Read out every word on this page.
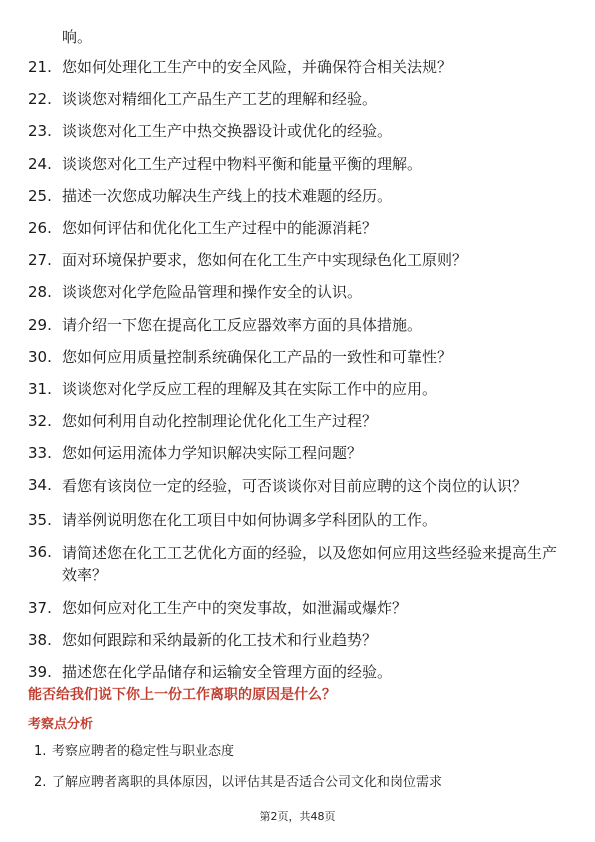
响。
21. 您如何处理化工生产中的安全风险，并确保符合相关法规？
22. 谈谈您对精细化工产品生产工艺的理解和经验。
23. 谈谈您对化工生产中热交换器设计或优化的经验。
24. 谈谈您对化工生产过程中物料平衡和能量平衡的理解。
25. 描述一次您成功解决生产线上的技术难题的经历。
26. 您如何评估和优化化工生产过程中的能源消耗？
27. 面对环境保护要求，您如何在化工生产中实现绿色化工原则？
28. 谈谈您对化学危险品管理和操作安全的认识。
29. 请介绍一下您在提高化工反应器效率方面的具体措施。
30. 您如何应用质量控制系统确保化工产品的一致性和可靠性？
31. 谈谈您对化学反应工程的理解及其在实际工作中的应用。
32. 您如何利用自动化控制理论优化化工生产过程？
33. 您如何运用流体力学知识解决实际工程问题？
34. 看您有该岗位一定的经验，可否谈谈你对目前应聘的这个岗位的认识？
35. 请举例说明您在化工项目中如何协调多学科团队的工作。
36. 请简述您在化工工艺优化方面的经验，以及您如何应用这些经验来提高生产效率？
37. 您如何应对化工生产中的突发事故，如泄漏或爆炸？
38. 您如何跟踪和采纳最新的化工技术和行业趋势？
39. 描述您在化学品储存和运输安全管理方面的经验。
能否给我们说下你上一份工作离职的原因是什么？
考察点分析
1. 考察应聘者的稳定性与职业态度
2. 了解应聘者离职的具体原因，以评估其是否适合公司文化和岗位需求
第2页，共48页
